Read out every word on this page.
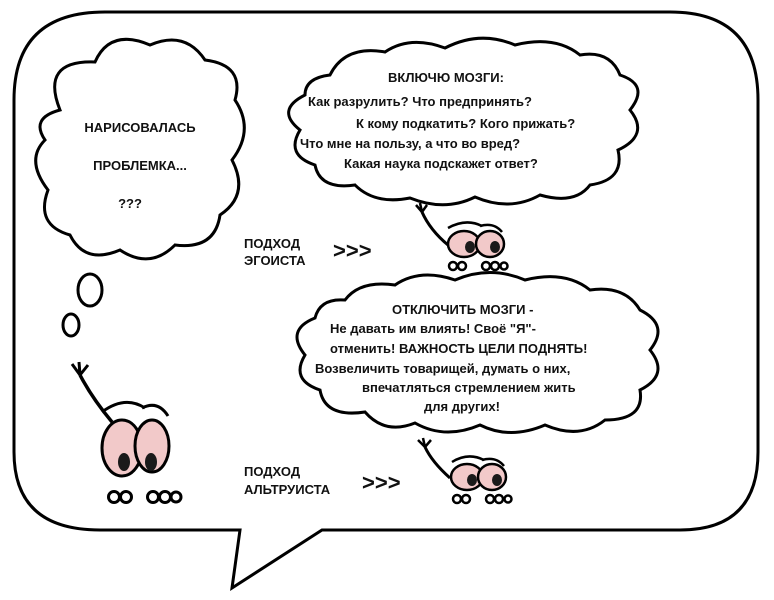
НАРИСОВАЛАСЬ
ПРОБЛЕМКА...
???
ВКЛЮЧЮ МОЗГИ:
Как разрулить? Что предпринять?
К кому подкатить? Кого прижать?
Что мне на пользу, а что во вред?
Какая наука подскажет ответ?
ПОДХОД
ЭГОИСТА >>>
ОТКЛЮЧИТЬ МОЗГИ -
Не давать им влиять! Своё "Я"-
отменить! ВАЖНОСТЬ ЦЕЛИ ПОДНЯТЬ!
Возвеличить товарищей, думать о них,
впечатляться стремлением жить
для других!
ПОДХОД
АЛЬТРУИСТА >>>
